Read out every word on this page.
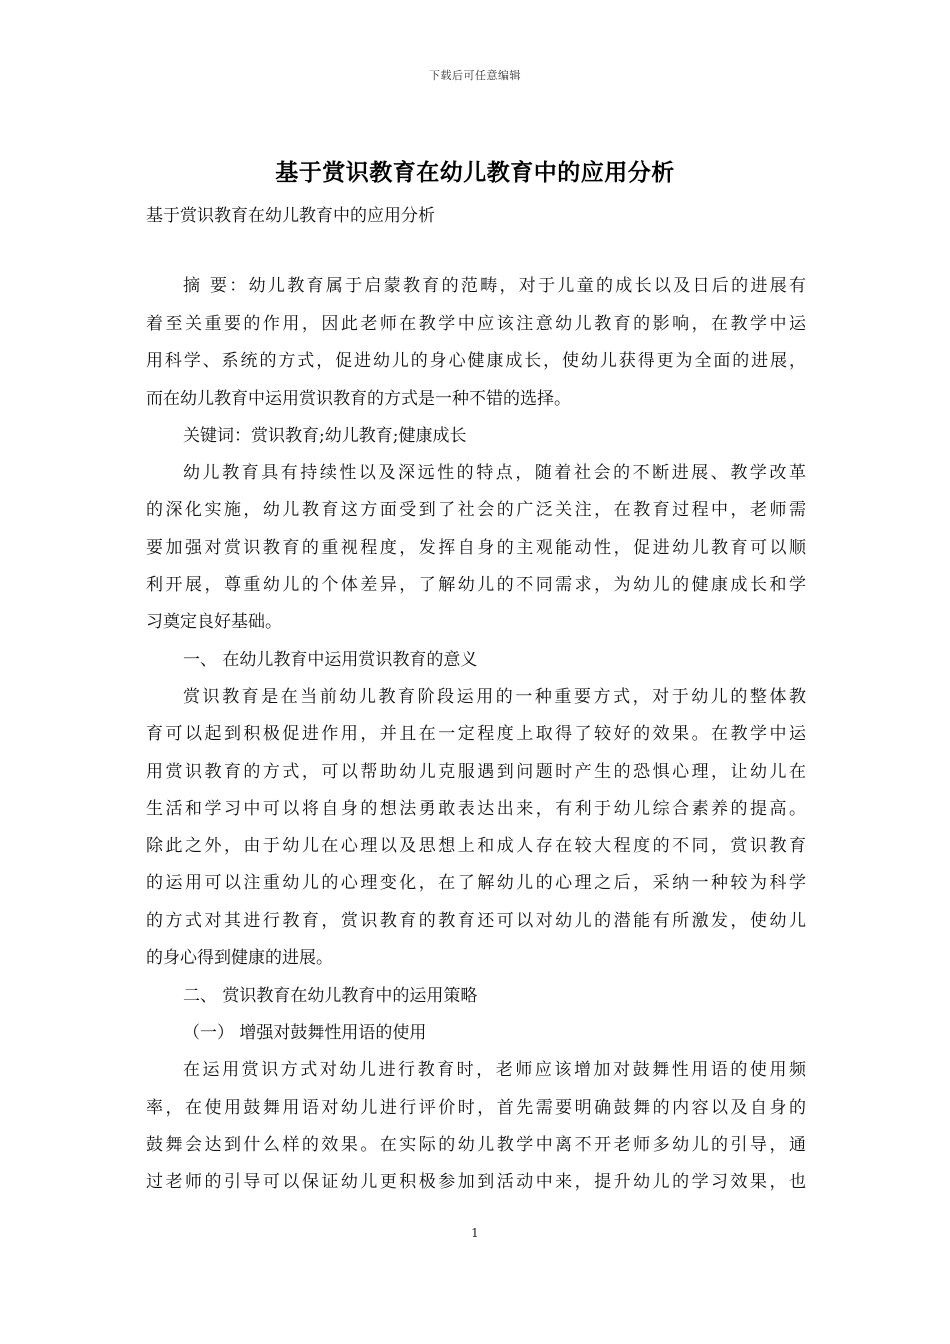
下载后可任意编辑
基于赏识教育在幼儿教育中的应用分析
基于赏识教育在幼儿教育中的应用分析
摘 要：幼儿教育属于启蒙教育的范畴，对于儿童的成长以及日后的进展有
着至关重要的作用，因此老师在教学中应该注意幼儿教育的影响，在教学中运
用科学、系统的方式，促进幼儿的身心健康成长，使幼儿获得更为全面的进展，
而在幼儿教育中运用赏识教育的方式是一种不错的选择。
关键词：赏识教育;幼儿教育;健康成长
幼儿教育具有持续性以及深远性的特点，随着社会的不断进展、教学改革
的深化实施，幼儿教育这方面受到了社会的广泛关注，在教育过程中，老师需
要加强对赏识教育的重视程度，发挥自身的主观能动性，促进幼儿教育可以顺
利开展，尊重幼儿的个体差异，了解幼儿的不同需求，为幼儿的健康成长和学
习奠定良好基础。
一、 在幼儿教育中运用赏识教育的意义
赏识教育是在当前幼儿教育阶段运用的一种重要方式，对于幼儿的整体教
育可以起到积极促进作用，并且在一定程度上取得了较好的效果。在教学中运
用赏识教育的方式，可以帮助幼儿克服遇到问题时产生的恐惧心理，让幼儿在
生活和学习中可以将自身的想法勇敢表达出来，有利于幼儿综合素养的提高。
除此之外，由于幼儿在心理以及思想上和成人存在较大程度的不同，赏识教育
的运用可以注重幼儿的心理变化，在了解幼儿的心理之后，采纳一种较为科学
的方式对其进行教育，赏识教育的教育还可以对幼儿的潜能有所激发，使幼儿
的身心得到健康的进展。
二、 赏识教育在幼儿教育中的运用策略
（一） 增强对鼓舞性用语的使用
在运用赏识方式对幼儿进行教育时，老师应该增加对鼓舞性用语的使用频
率，在使用鼓舞用语对幼儿进行评价时，首先需要明确鼓舞的内容以及自身的
鼓舞会达到什么样的效果。在实际的幼儿教学中离不开老师多幼儿的引导，通
过老师的引导可以保证幼儿更积极参加到活动中来，提升幼儿的学习效果，也
1
